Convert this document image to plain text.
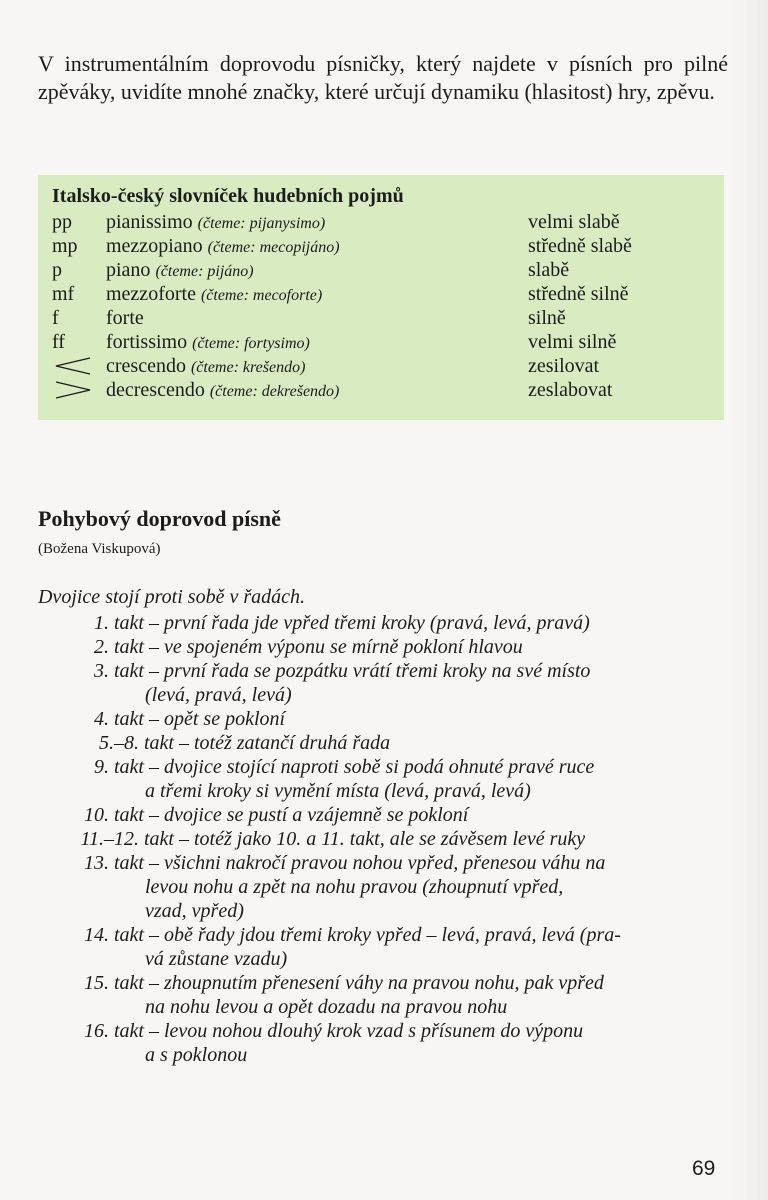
V instrumentálním doprovodu písničky, který najdete v písních pro pilné zpěváky, uvidíte mnohé značky, které určují dynamiku (hlasitost) hry, zpěvu.

Italsko-český slovníček hudebních pojmů
pp pianissimo (čteme: pijanysimo)	velmi slabě
mp mezzopiano (čteme: mecopijáno)	středně slabě
p piano (čteme: pijáno)	slabě
mf mezzoforte (čteme: mecoforte)	středně silně
f forte	silně
ff fortissimo (čteme: fortysimo)	velmi silně
crescendo (čteme: krešendo)	zesilovat
decrescendo (čteme: dekrešendo)	zeslabovat
Pohybový doprovod písně
(Božena Viskupová)
Dvojice stojí proti sobě v řadách.
1. takt – první řada jde vpřed třemi kroky (pravá, levá, pravá)
2. takt – ve spojeném výponu se mírně pokloní hlavou
3. takt – první řada se pozpátku vrátí třemi kroky na své místo
(levá, pravá, levá)
4. takt – opět se pokloní
5.–8. takt – totéž zatančí druhá řada
9. takt – dvojice stojící naproti sobě si podá ohnuté pravé ruce
a třemi kroky si vymění místa (levá, pravá, levá)
10. takt – dvojice se pustí a vzájemně se pokloní
11.–12. takt – totéž jako 10. a 11. takt, ale se závěsem levé ruky
13. takt – všichni nakročí pravou nohou vpřed, přenesou váhu na
levou nohu a zpět na nohu pravou (zhoupnutí vpřed,
vzad, vpřed)
14. takt – obě řady jdou třemi kroky vpřed – levá, pravá, levá (pra-
vá zůstane vzadu)
15. takt – zhoupnutím přenesení váhy na pravou nohu, pak vpřed
na nohu levou a opět dozadu na pravou nohu
16. takt – levou nohou dlouhý krok vzad s přísunem do výponu
a s poklonou
69
